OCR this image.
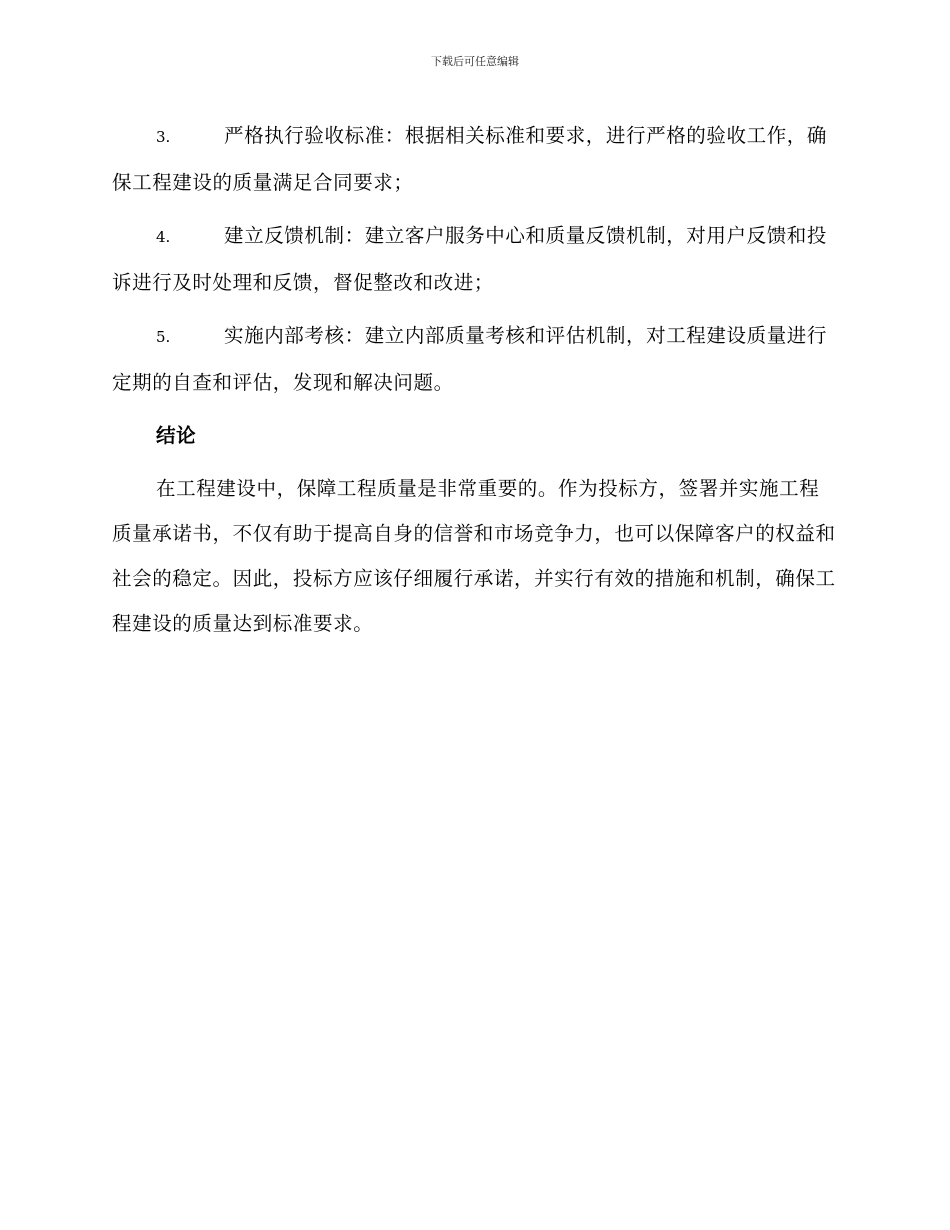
下载后可任意编辑
3.	严格执行验收标准：根据相关标准和要求，进行严格的验收工作，确保工程建设的质量满足合同要求；
4.	建立反馈机制：建立客户服务中心和质量反馈机制，对用户反馈和投诉进行及时处理和反馈，督促整改和改进；
5.	实施内部考核：建立内部质量考核和评估机制，对工程建设质量进行定期的自查和评估，发现和解决问题。
结论

在工程建设中，保障工程质量是非常重要的。作为投标方，签署并实施工程质量承诺书，不仅有助于提高自身的信誉和市场竞争力，也可以保障客户的权益和社会的稳定。因此，投标方应该仔细履行承诺，并实行有效的措施和机制，确保工程建设的质量达到标准要求。
